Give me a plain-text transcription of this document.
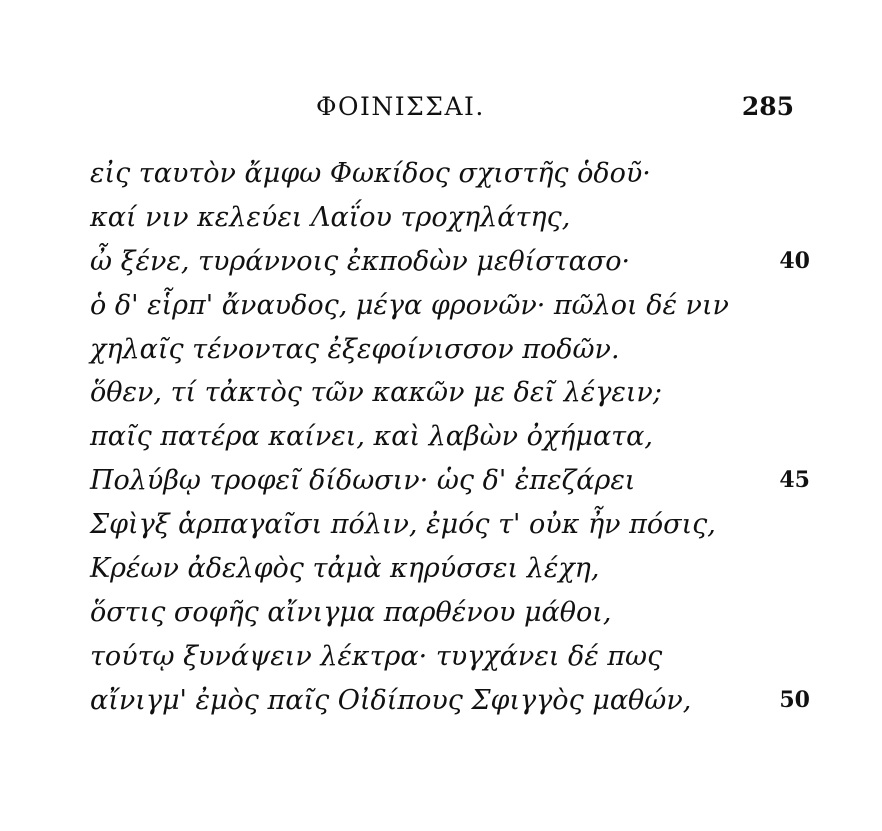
ΦΟΙΝΙΣΣΑΙ.	285
εἰς ταυτὸν ἄμφω Φωκίδος σχιστῆς ὁδοῦ·
καί νιν κελεύει Λαΐου τροχηλάτης,
ὦ ξένε, τυράννοις ἐκποδὼν μεθίστασο·	40
ὁ δ' εἷρπ' ἄναυδος, μέγα φρονῶν· πῶλοι δέ νιν
χηλαῖς τένοντας ἐξεφοίνισσον ποδῶν.
ὅθεν, τί τἀκτὸς τῶν κακῶν με δεῖ λέγειν;
παῖς πατέρα καίνει, καὶ λαβὼν ὀχήματα,
Πολύβῳ τροφεῖ δίδωσιν· ὡς δ' ἐπεζάρει	45
Σφὶγξ ἁρπαγαῖσι πόλιν, ἐμός τ' οὐκ ἦν πόσις,
Κρέων ἀδελφὸς τἀμὰ κηρύσσει λέχη,
ὅστις σοφῆς αἴνιγμα παρθένου μάθοι,
τούτῳ ξυνάψειν λέκτρα· τυγχάνει δέ πως
αἴνιγμ' ἐμὸς παῖς Οἰδίπους Σφιγγὸς μαθών,	50
